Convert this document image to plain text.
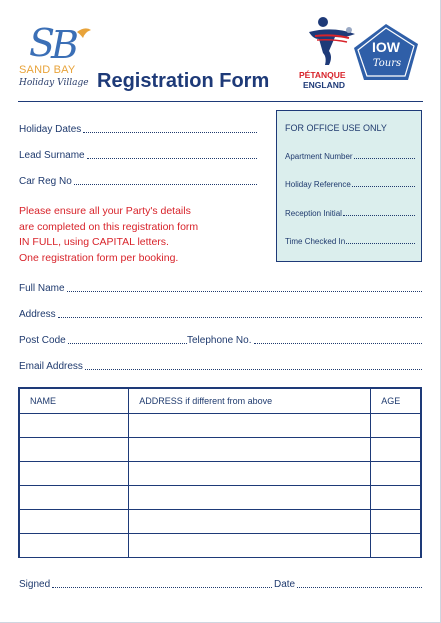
S
B
SAND BAY
Holiday Village Registration Form	PÉTANQUE
ENGLAND
IOW
Tours
Holiday Dates
Lead Surname
Car Reg No
Please ensure all your Party's details
are completed on this registration form
IN FULL, using CAPITAL letters.
One registration form per booking.
FOR OFFICE USE ONLY
Apartment Number
Holiday Reference
Reception Initial
Time Checked In
Full Name
Address
Post Code	Telephone No.
Email Address
NAME	ADDRESS if different from above	AGE

Signed	Date
